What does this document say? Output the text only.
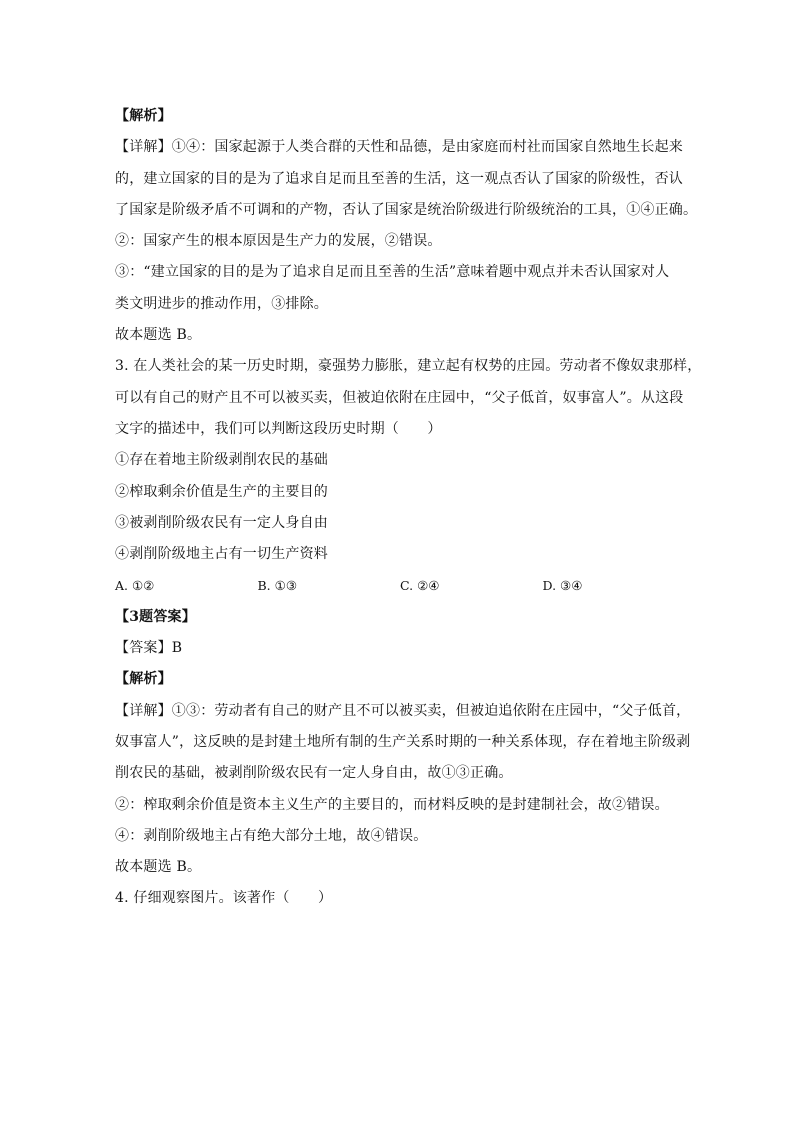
【解析】
【详解】①④：国家起源于人类合群的天性和品德，是由家庭而村社而国家自然地生长起来
的，建立国家的目的是为了追求自足而且至善的生活，这一观点否认了国家的阶级性，否认
了国家是阶级矛盾不可调和的产物，否认了国家是统治阶级进行阶级统治的工具，①④正确。
②：国家产生的根本原因是生产力的发展，②错误。
③：“建立国家的目的是为了追求自足而且至善的生活”意味着题中观点并未否认国家对人
类文明进步的推动作用，③排除。
故本题选 B。
3. 在人类社会的某一历史时期，豪强势力膨胀，建立起有权势的庄园。劳动者不像奴隶那样，
可以有自己的财产且不可以被买卖，但被迫依附在庄园中，“父子低首，奴事富人”。从这段
文字的描述中，我们可以判断这段历史时期（　　）
①存在着地主阶级剥削农民的基础
②榨取剩余价值是生产的主要目的
③被剥削阶级农民有一定人身自由
④剥削阶级地主占有一切生产资料
A. ①②	B. ①③	C. ②④	D. ③④
【3题答案】
【答案】B
【解析】
【详解】①③：劳动者有自己的财产且不可以被买卖，但被迫追依附在庄园中，“父子低首，
奴事富人”，这反映的是封建土地所有制的生产关系时期的一种关系体现，存在着地主阶级剥
削农民的基础，被剥削阶级农民有一定人身自由，故①③正确。
②：榨取剩余价值是资本主义生产的主要目的，而材料反映的是封建制社会，故②错误。
④：剥削阶级地主占有绝大部分土地，故④错误。
故本题选 B。
4. 仔细观察图片。该著作（　　）
